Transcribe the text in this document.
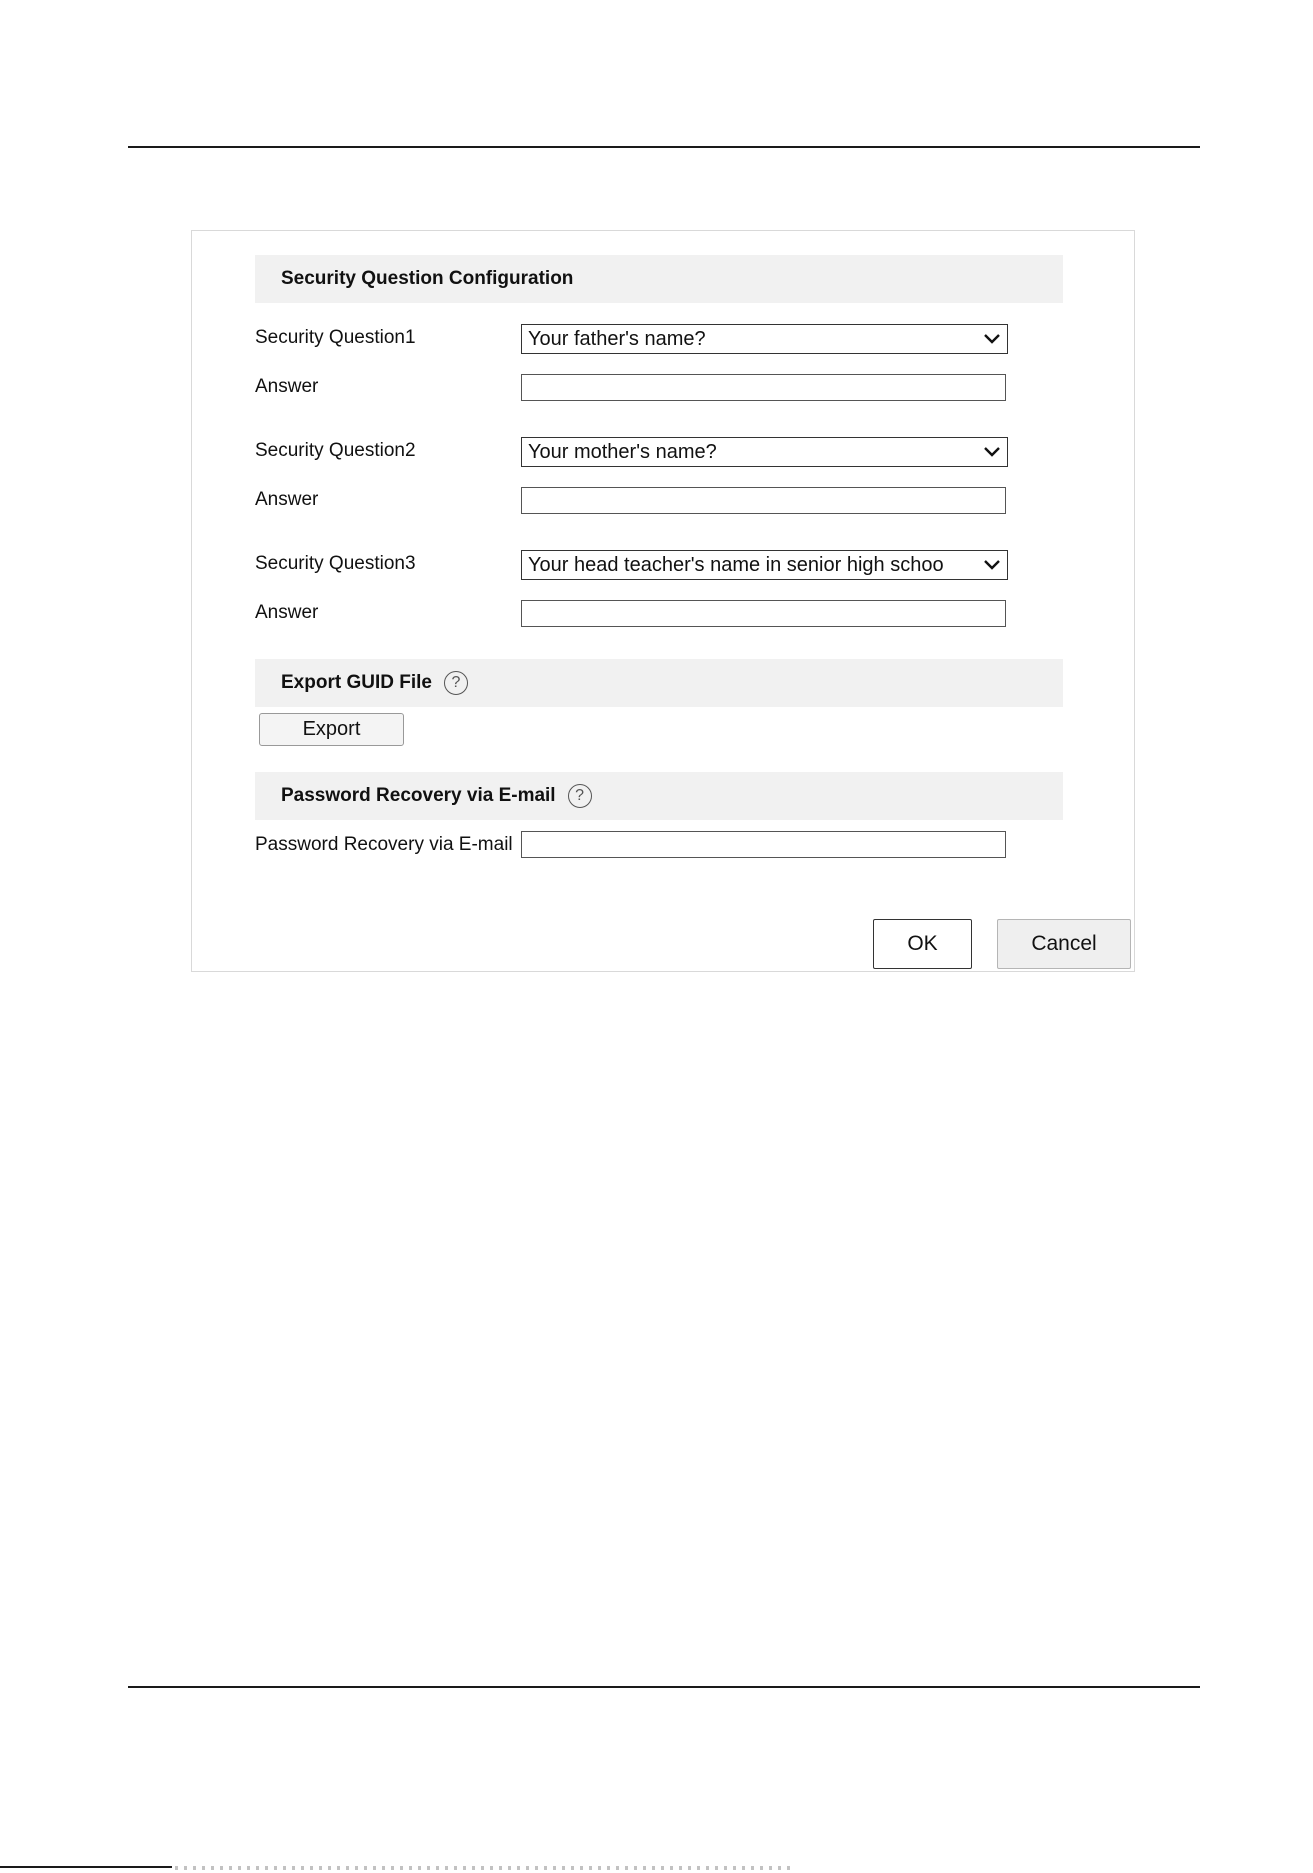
Security Question Configuration
Security Question1	Your father's name?
Answer
Security Question2	Your mother's name?
Answer
Security Question3	Your head teacher's name in senior high schoo
Answer
Export GUID File	?
Export
Password Recovery via E-mail	?
Password Recovery via E-mail
OK	Cancel
